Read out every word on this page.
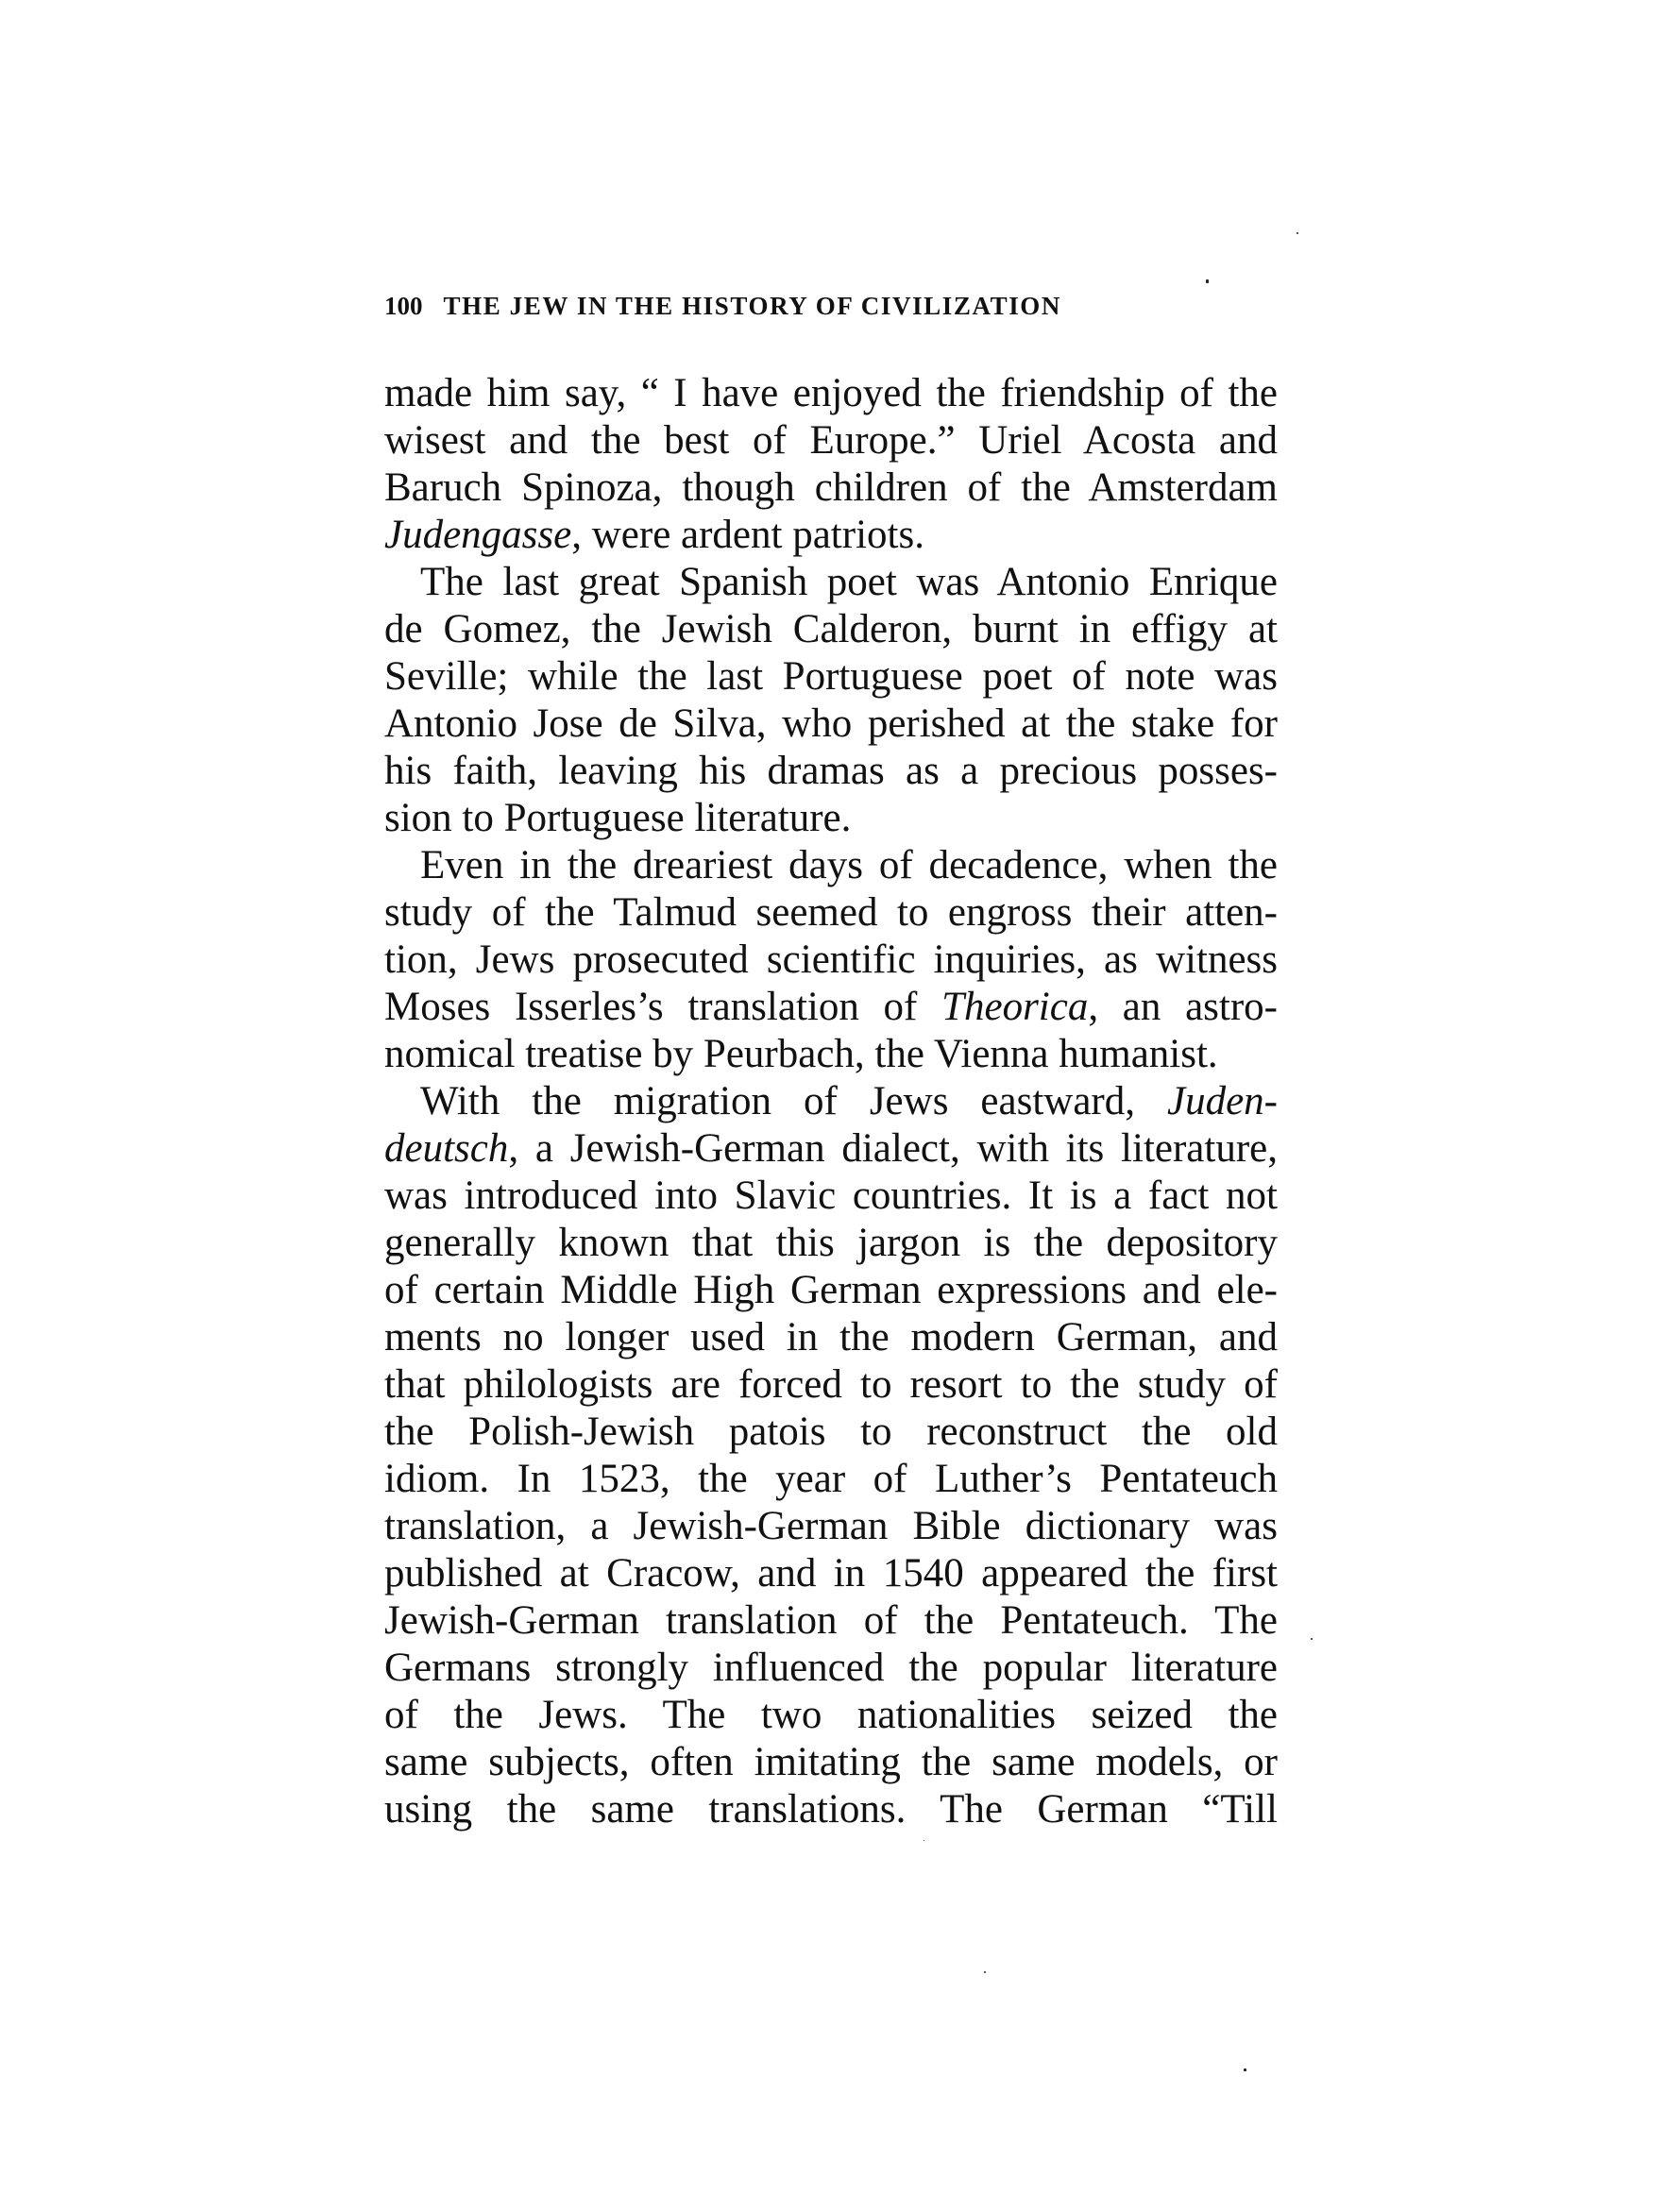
100 THE JEW IN THE HISTORY OF CIVILIZATION
made him say, “ I have enjoyed the friendship of the
wisest and the best of Europe.” Uriel Acosta and
Baruch Spinoza, though children of the Amsterdam
Judengasse, were ardent patriots.
The last great Spanish poet was Antonio Enrique
de Gomez, the Jewish Calderon, burnt in effigy at
Seville; while the last Portuguese poet of note was
Antonio Jose de Silva, who perished at the stake for
his faith, leaving his dramas as a precious posses-
sion to Portuguese literature.
Even in the dreariest days of decadence, when the
study of the Talmud seemed to engross their atten-
tion, Jews prosecuted scientific inquiries, as witness
Moses Isserles’s translation of Theorica, an astro-
nomical treatise by Peurbach, the Vienna humanist.
With the migration of Jews eastward, Juden-
deutsch, a Jewish-German dialect, with its literature,
was introduced into Slavic countries. It is a fact not
generally known that this jargon is the depository
of certain Middle High German expressions and ele-
ments no longer used in the modern German, and
that philologists are forced to resort to the study of
the Polish-Jewish patois to reconstruct the old
idiom. In 1523, the year of Luther’s Pentateuch
translation, a Jewish-German Bible dictionary was
published at Cracow, and in 1540 appeared the first
Jewish-German translation of the Pentateuch. The
Germans strongly influenced the popular literature
of the Jews. The two nationalities seized the
same subjects, often imitating the same models, or
using the same translations. The German “Till
